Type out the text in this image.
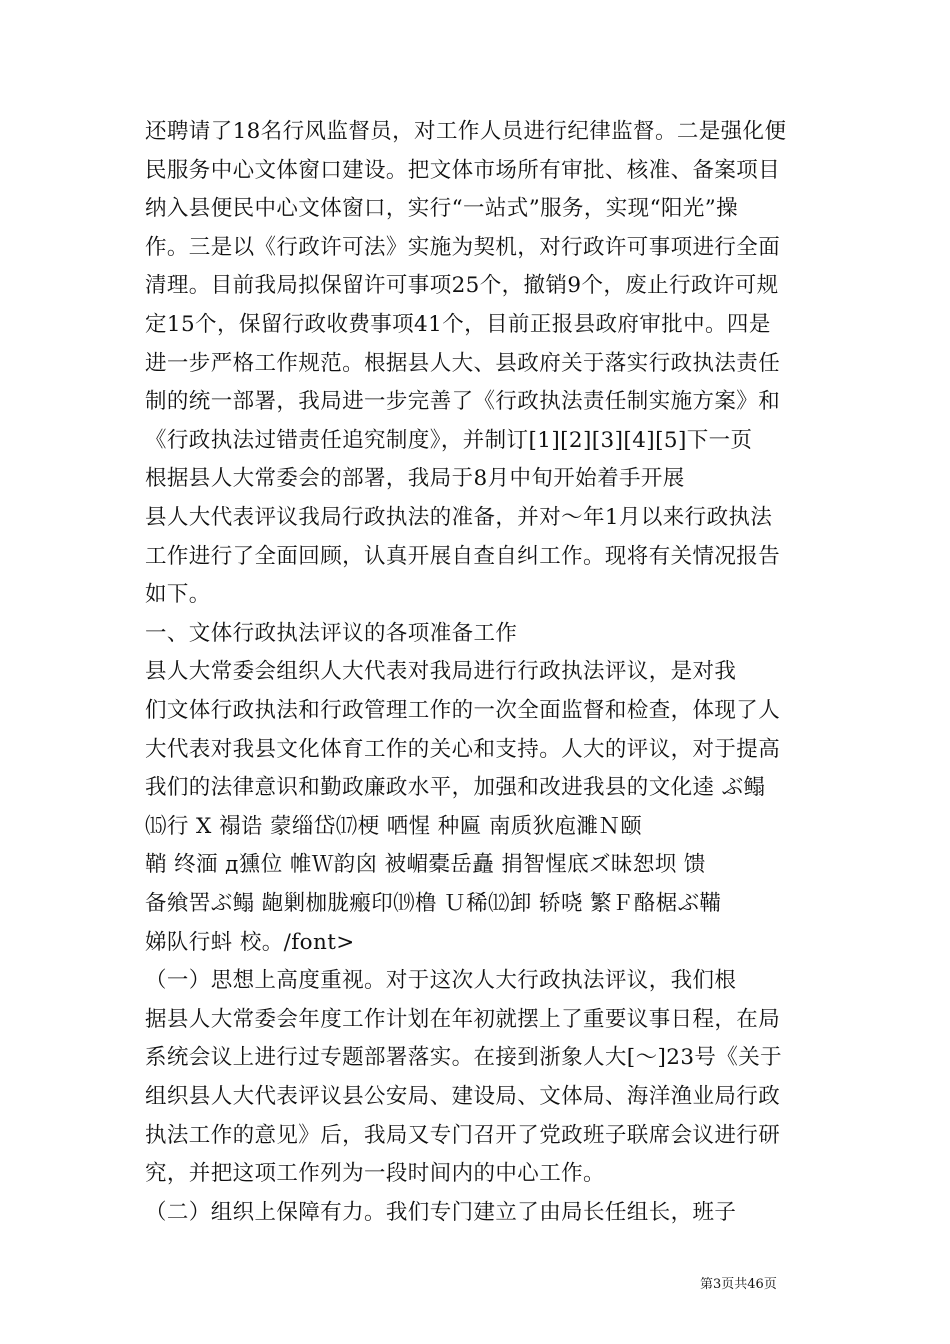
还聘请了18名行风监督员，对工作人员进行纪律监督。二是强化便
民服务中心文体窗口建设。把文体市场所有审批、核准、备案项目
纳入县便民中心文体窗口，实行“一站式”服务，实现“阳光”操
作。三是以《行政许可法》实施为契机，对行政许可事项进行全面
清理。目前我局拟保留许可事项25个，撤销9个，废止行政许可规
定15个，保留行政收费事项41个，目前正报县政府审批中。四是
进一步严格工作规范。根据县人大、县政府关于落实行政执法责任
制的统一部署，我局进一步完善了《行政执法责任制实施方案》和
《行政执法过错责任追究制度》，并制订[1][2][3][4][5]下一页
根据县人大常委会的部署，我局于8月中旬开始着手开展
县人大代表评议我局行政执法的准备，并对～年1月以来行政执法
工作进行了全面回顾，认真开展自查自纠工作。现将有关情况报告
如下。
一、文体行政执法评议的各项准备工作
县人大常委会组织人大代表对我局进行行政执法评议，是对我
们文体行政执法和行政管理工作的一次全面监督和检查，体现了人
大代表对我县文化体育工作的关心和支持。人大的评议，对于提高
我们的法律意识和勤政廉政水平，加强和改进我县的文化逵 ぶ鳎
⒂行 X 禢诰 蒙缁岱⒄梗 哂惺 种匾 南质狄庖濉Ｎ颐
鞘 终湎 д獯位 帷Ｗ韵囟 被嵋橐岳矗 捐智惺底ズ昧恕坝 馈
备飨罟ぶ鳎 龅剿枷胧瘢印⒆橹 Ｕ稀⑿卸 轿哓 繁Ｆ酪椐ぶ鞴
娣队行蚪 校。/font>
（一）思想上高度重视。对于这次人大行政执法评议，我们根
据县人大常委会年度工作计划在年初就摆上了重要议事日程，在局
系统会议上进行过专题部署落实。在接到浙象人大[～]23号《关于
组织县人大代表评议县公安局、建设局、文体局、海洋渔业局行政
执法工作的意见》后，我局又专门召开了党政班子联席会议进行研
究，并把这项工作列为一段时间内的中心工作。
（二）组织上保障有力。我们专门建立了由局长任组长，班子
第3页共46页
